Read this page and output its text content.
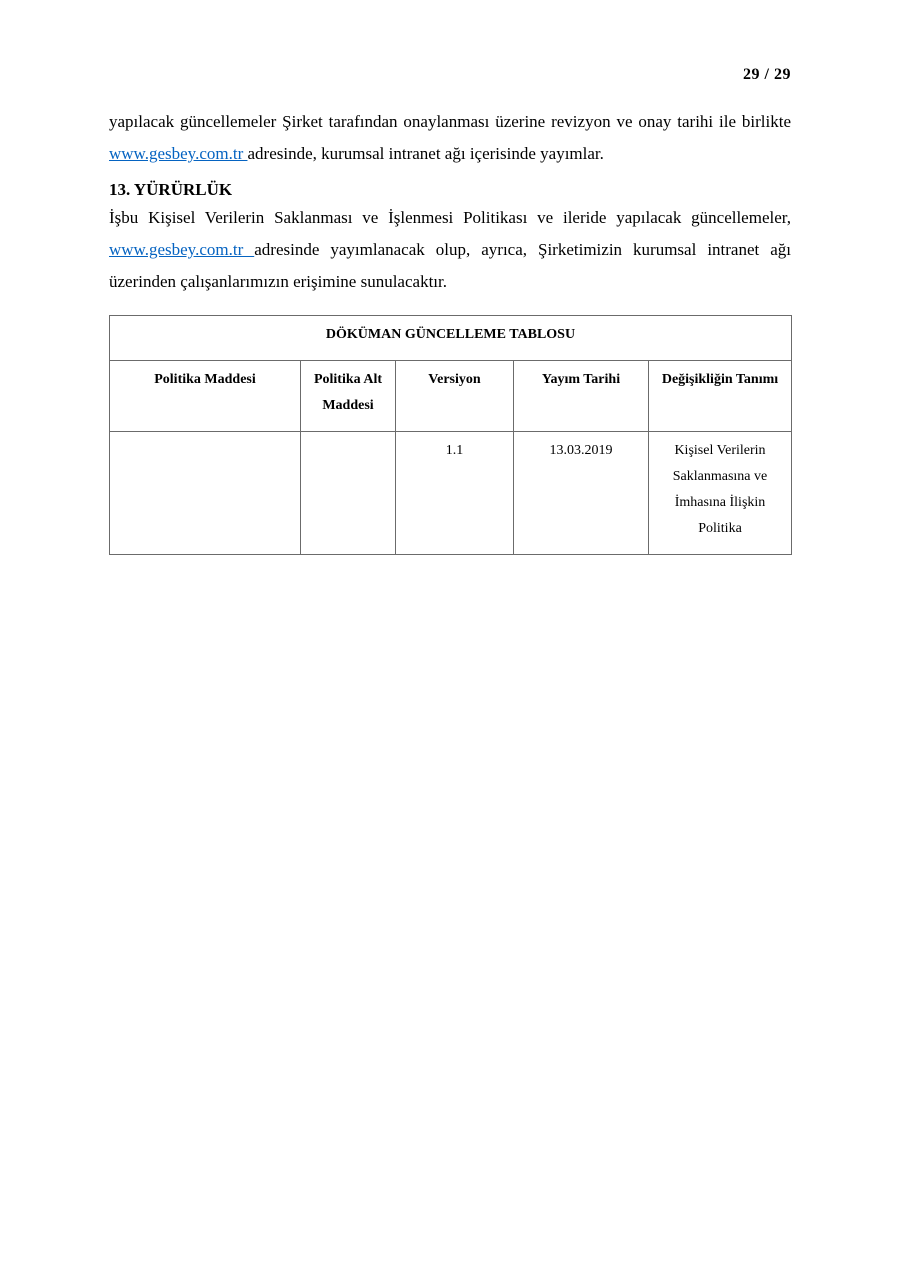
29 / 29

yapılacak güncellemeler Şirket tarafından onaylanması üzerine revizyon ve onay tarihi ile birlikte www.gesbey.com.tr adresinde, kurumsal intranet ağı içerisinde yayımlar.

13. YÜRÜRLÜK

İşbu Kişisel Verilerin Saklanması ve İşlenmesi Politikası ve ileride yapılacak güncellemeler, www.gesbey.com.tr adresinde yayımlanacak olup, ayrıca, Şirketimizin kurumsal intranet ağı üzerinden çalışanlarımızın erişimine sunulacaktır.

DÖKÜMAN GÜNCELLEME TABLOSU				
Politika Maddesi	Politika Alt Maddesi	Versiyon	Yayım Tarihi	Değişikliğin Tanımı
		1.1	13.03.2019	Kişisel Verilerin Saklanmasına ve İmhasına İlişkin Politika
